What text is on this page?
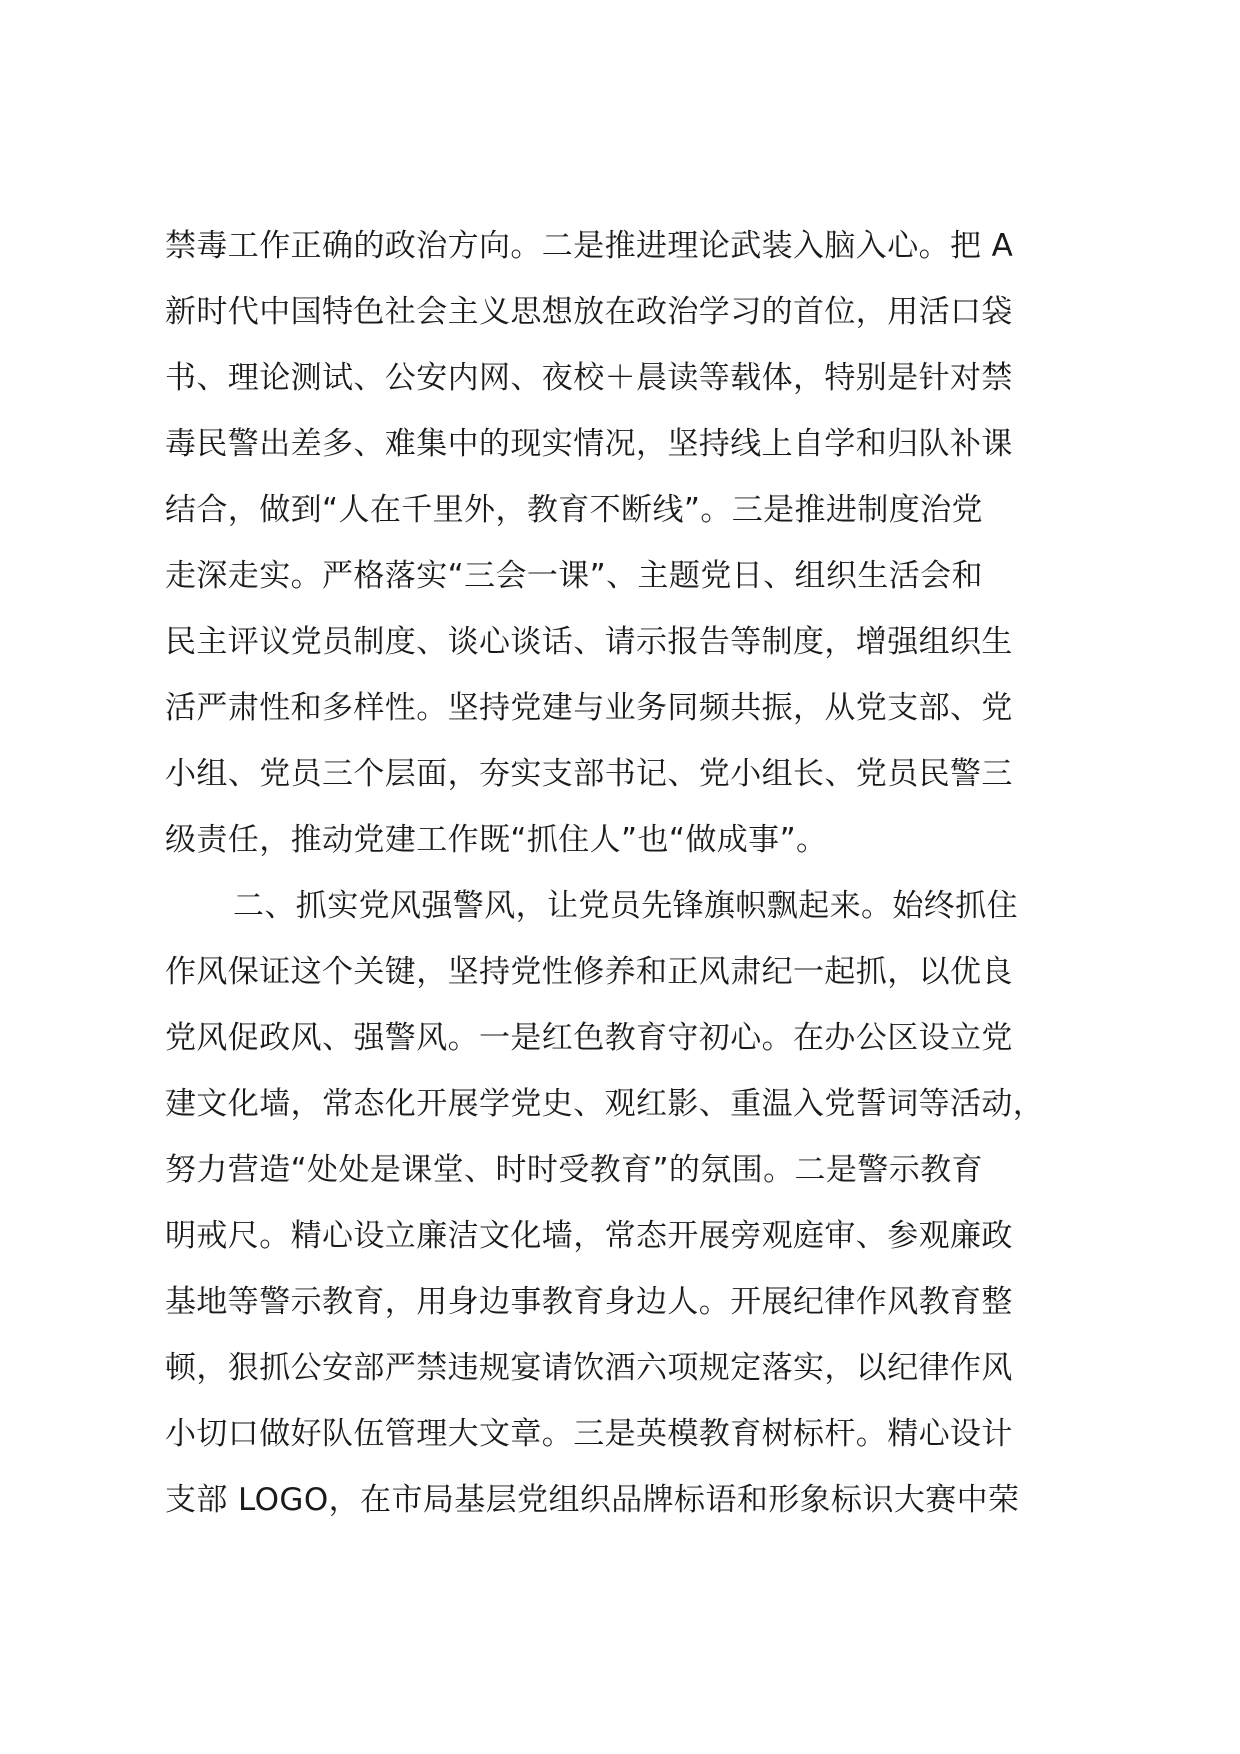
禁毒工作正确的政治方向。二是推进理论武装入脑入心。把 A
新时代中国特色社会主义思想放在政治学习的首位，用活口袋
书、理论测试、公安内网、夜校＋晨读等载体，特别是针对禁
毒民警出差多、难集中的现实情况，坚持线上自学和归队补课
结合，做到“人在千里外，教育不断线”。三是推进制度治党
走深走实。严格落实“三会一课”、主题党日、组织生活会和
民主评议党员制度、谈心谈话、请示报告等制度，增强组织生
活严肃性和多样性。坚持党建与业务同频共振，从党支部、党
小组、党员三个层面，夯实支部书记、党小组长、党员民警三
级责任，推动党建工作既“抓住人”也“做成事”。
二、抓实党风强警风，让党员先锋旗帜飘起来。始终抓住
作风保证这个关键，坚持党性修养和正风肃纪一起抓，以优良
党风促政风、强警风。一是红色教育守初心。在办公区设立党
建文化墙，常态化开展学党史、观红影、重温入党誓词等活动，
努力营造“处处是课堂、时时受教育”的氛围。二是警示教育
明戒尺。精心设立廉洁文化墙，常态开展旁观庭审、参观廉政
基地等警示教育，用身边事教育身边人。开展纪律作风教育整
顿，狠抓公安部严禁违规宴请饮酒六项规定落实，以纪律作风
小切口做好队伍管理大文章。三是英模教育树标杆。精心设计
支部 LOGO，在市局基层党组织品牌标语和形象标识大赛中荣
